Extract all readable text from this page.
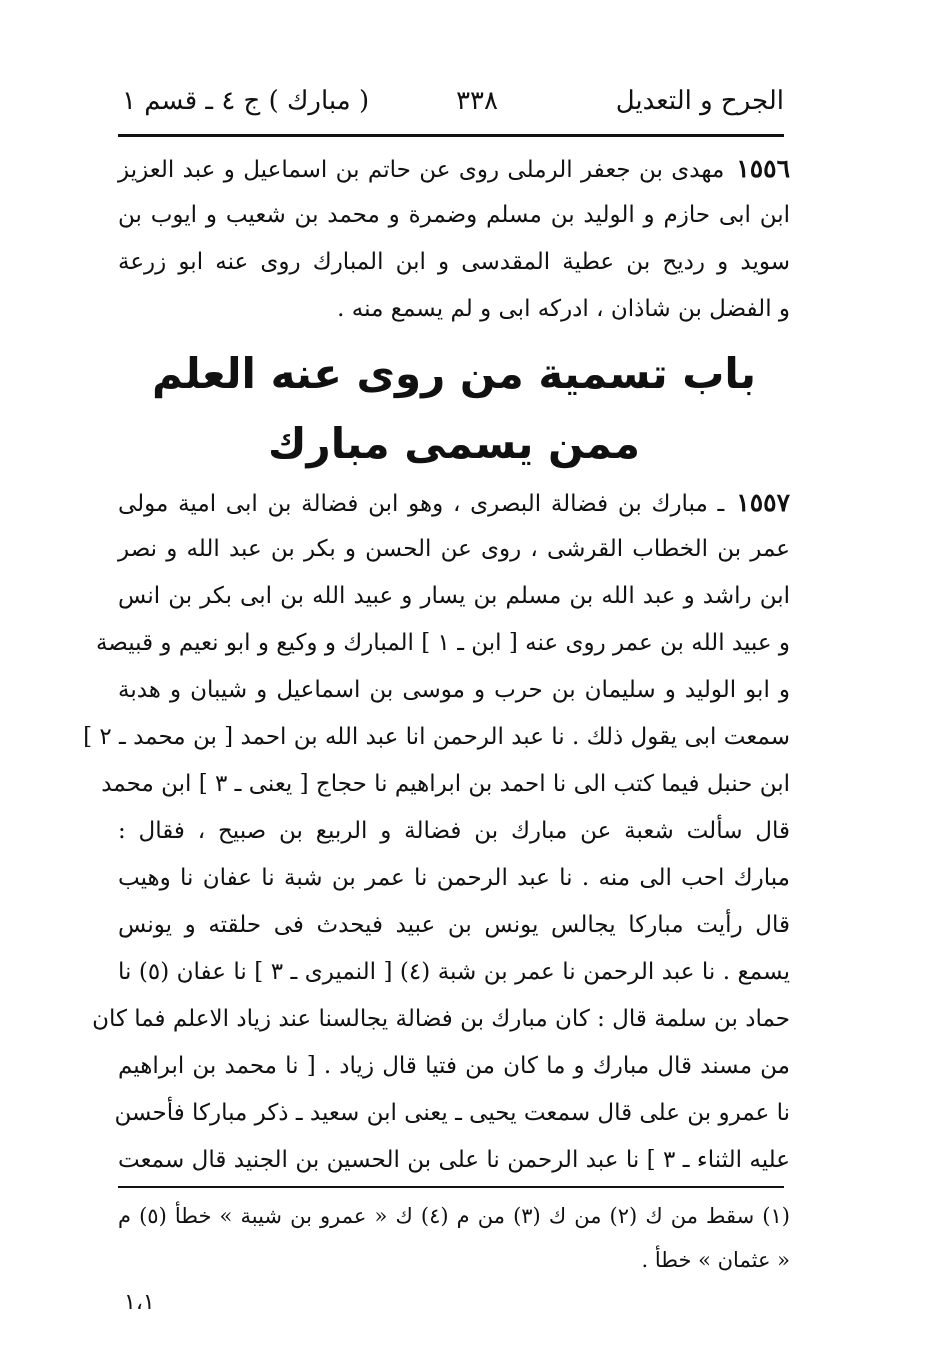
الجرح و التعديل
٣٣٨
( مبارك ) ج ٤ ـ قسم ١
١٥٥٦مهدى بن جعفر الرملى روى عن حاتم بن اسماعيل و عبد العزيز
ابن ابى حازم و الوليد بن مسلم وضمرة و محمد بن شعيب و ايوب بن
سويد و رديح بن عطية المقدسى و ابن المبارك روى عنه ابو زرعة
و الفضل بن شاذان ، ادركه ابى و لم يسمع منه .
باب تسمية من روى عنه العلم
ممن يسمى مبارك
١٥٥٧ـ مبارك بن فضالة البصرى ، وهو ابن فضالة بن ابى امية مولى
عمر بن الخطاب القرشى ، روى عن الحسن و بكر بن عبد الله و نصر
ابن راشد و عبد الله بن مسلم بن يسار و عبيد الله بن ابى بكر بن انس
و عبيد الله بن عمر روى عنه [ ابن ـ ١ ] المبارك و وكيع و ابو نعيم و قبيصة
و ابو الوليد و سليمان بن حرب و موسى بن اسماعيل و شيبان و هدبة
سمعت ابى يقول ذلك . نا عبد الرحمن انا عبد الله بن احمد [ بن محمد ـ ٢ ]
ابن حنبل فيما كتب الى نا احمد بن ابراهيم نا حجاج [ يعنى ـ ٣ ] ابن محمد
قال سألت شعبة عن مبارك بن فضالة و الربيع بن صبيح ، فقال :
مبارك احب الى منه . نا عبد الرحمن نا عمر بن شبة نا عفان نا وهيب
قال رأيت مباركا يجالس يونس بن عبيد فيحدث فى حلقته و يونس
يسمع . نا عبد الرحمن نا عمر بن شبة (٤) [ النميرى ـ ٣ ] نا عفان (٥) نا
حماد بن سلمة قال : كان مبارك بن فضالة يجالسنا عند زياد الاعلم فما كان
من مسند قال مبارك و ما كان من فتيا قال زياد . [ نا محمد بن ابراهيم
نا عمرو بن على قال سمعت يحيى ـ يعنى ابن سعيد ـ ذكر مباركا فأحسن
عليه الثناء ـ ٣ ] نا عبد الرحمن نا على بن الحسين بن الجنيد قال سمعت
(١) سقط من ك (٢) من ك (٣) من م (٤) ك « عمرو بن شيبة » خطأ (٥) م
« عثمان » خطأ .
١،١
